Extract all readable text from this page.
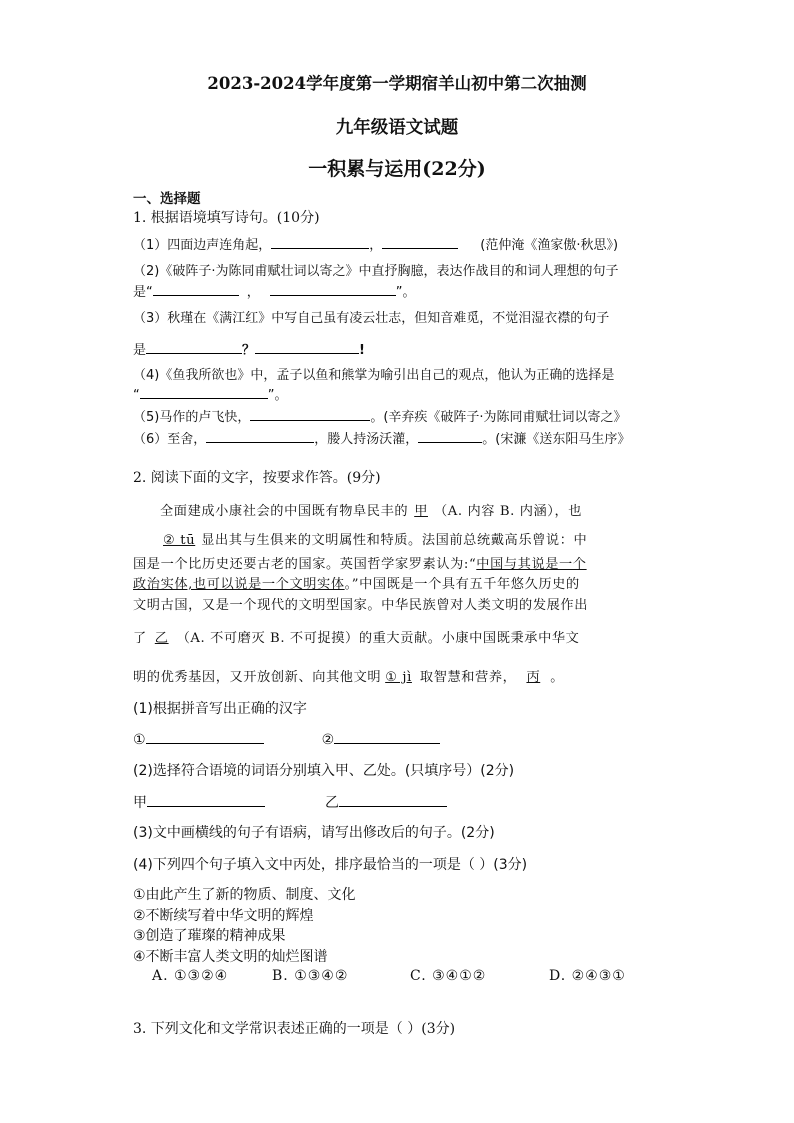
2023-2024学年度第一学期宿羊山初中第二次抽测
九年级语文试题
一积累与运用(22分)
一、选择题
1. 根据语境填写诗句。(10分)
（1）四面边声连角起，	，	(范仲淹《渔家傲·秋思》)
（2)《破阵子·为陈同甫赋壮词以寄之》中直抒胸臆，表达作战目的和词人理想的句子
是“	，	”。
（3）秋瑾在《满江红》中写自己虽有凌云壮志，但知音难觅，不觉泪湿衣襟的句子
是	？	!
（4)《鱼我所欲也》中，孟子以鱼和熊掌为喻引出自己的观点，他认为正确的选择是
“	”。
（5)马作的卢飞快，	。(辛弃疾《破阵子·为陈同甫赋壮词以寄之》
（6）至舍，	，媵人持汤沃灌，	。(宋濂《送东阳马生序》
2. 阅读下面的文字，按要求作答。(9分)
全面建成小康社会的中国既有物阜民丰的 甲 （A. 内容 B. 内涵），也
② tū 显出其与生俱来的文明属性和特质。法国前总统戴高乐曾说：中
国是一个比历史还要古老的国家。英国哲学家罗素认为:“中国与其说是一个
政治实体,也可以说是一个文明实体。”中国既是一个具有五千年悠久历史的
文明古国，又是一个现代的文明型国家。中华民族曾对人类文明的发展作出
了 乙 （A. 不可磨灭 B. 不可捉摸）的重大贡献。小康中国既秉承中华文
明的优秀基因，又开放创新、向其他文明 ① jì 取智慧和营养， 丙 。
(1)根据拼音写出正确的汉字
①	②
(2)选择符合语境的词语分别填入甲、乙处。(只填序号）(2分)
甲	乙
(3)文中画横线的句子有语病，请写出修改后的句子。(2分)
(4)下列四个句子填入文中丙处，排序最恰当的一项是（ ）(3分)
①由此产生了新的物质、制度、文化
②不断续写着中华文明的辉煌
③创造了璀璨的精神成果
④不断丰富人类文明的灿烂图谱
A. ①③②④	B. ①③④②	C. ③④①②	D. ②④③①
3. 下列文化和文学常识表述正确的一项是（ ）(3分)
